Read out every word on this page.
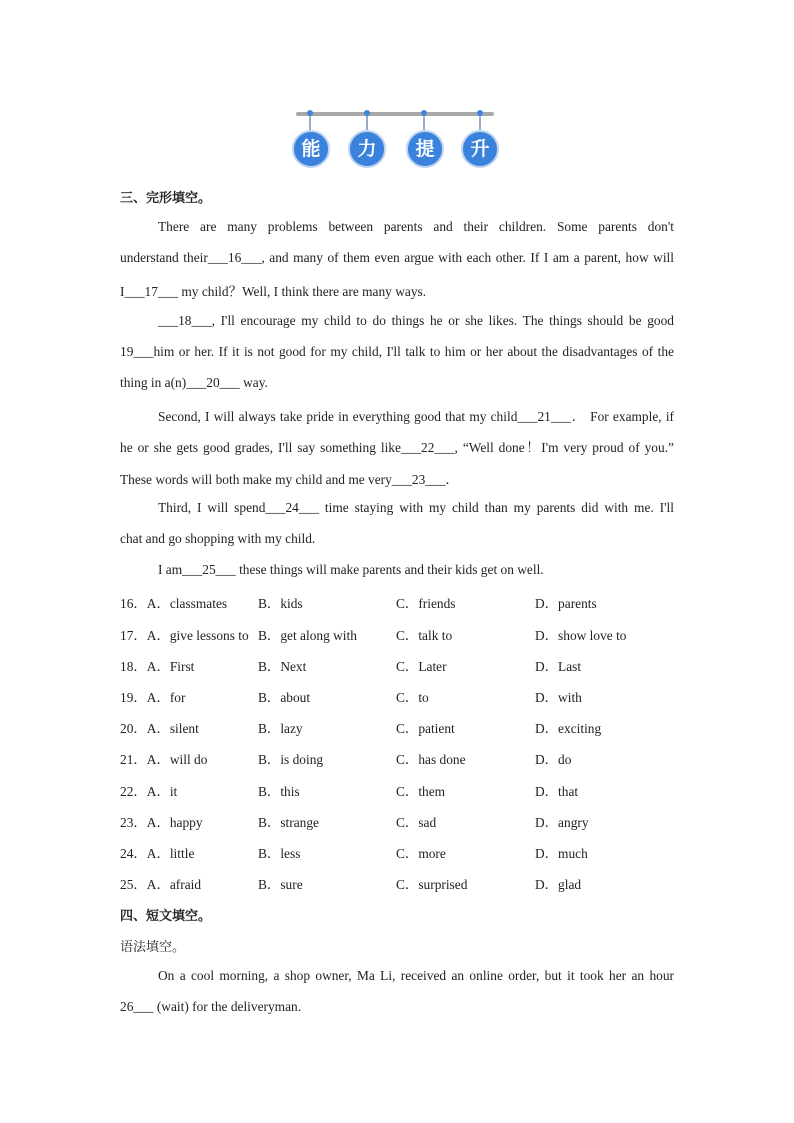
能	力	提	升
三、完形填空。
There are many problems between parents and their children. Some parents don't
understand their___16___, and many of them even argue with each other. If I am a parent, how will
I___17___ my child？Well, I think there are many ways.
___18___, I'll encourage my child to do things he or she likes. The things should be good
19___him or her. If it is not good for my child, I'll talk to him or her about the disadvantages of the
thing in a(n)___20___ way.
Second, I will always take pride in everything good that my child___21___． For example, if
he or she gets good grades, I'll say something like___22___, “Well done！I'm very proud of you.”
These words will both make my child and me very___23___．
Third, I will spend___24___ time staying with my child than my parents did with me. I'll
chat and go shopping with my child.
I am___25___ these things will make parents and their kids get on well.
16．A．classmates B．kids	C．friends	D．parents
17．A．give lessons to B．get along with	C．talk to	D．show love to
18．A．First	B．Next	C．Later	D．Last
19．A．for	B．about	C．to	D．with
20．A．silent	B．lazy	C．patient	D．exciting
21．A．will do	B．is doing	C．has done	D．do
22．A．it	B．this	C．them	D．that
23．A．happy	B．strange	C．sad	D．angry
24．A．little	B．less	C．more	D．much
25．A．afraid	B．sure	C．surprised	D．glad
四、短文填空。
语法填空。
On a cool morning, a shop owner, Ma Li, received an online order, but it took her an hour
26___ (wait) for the deliveryman.
